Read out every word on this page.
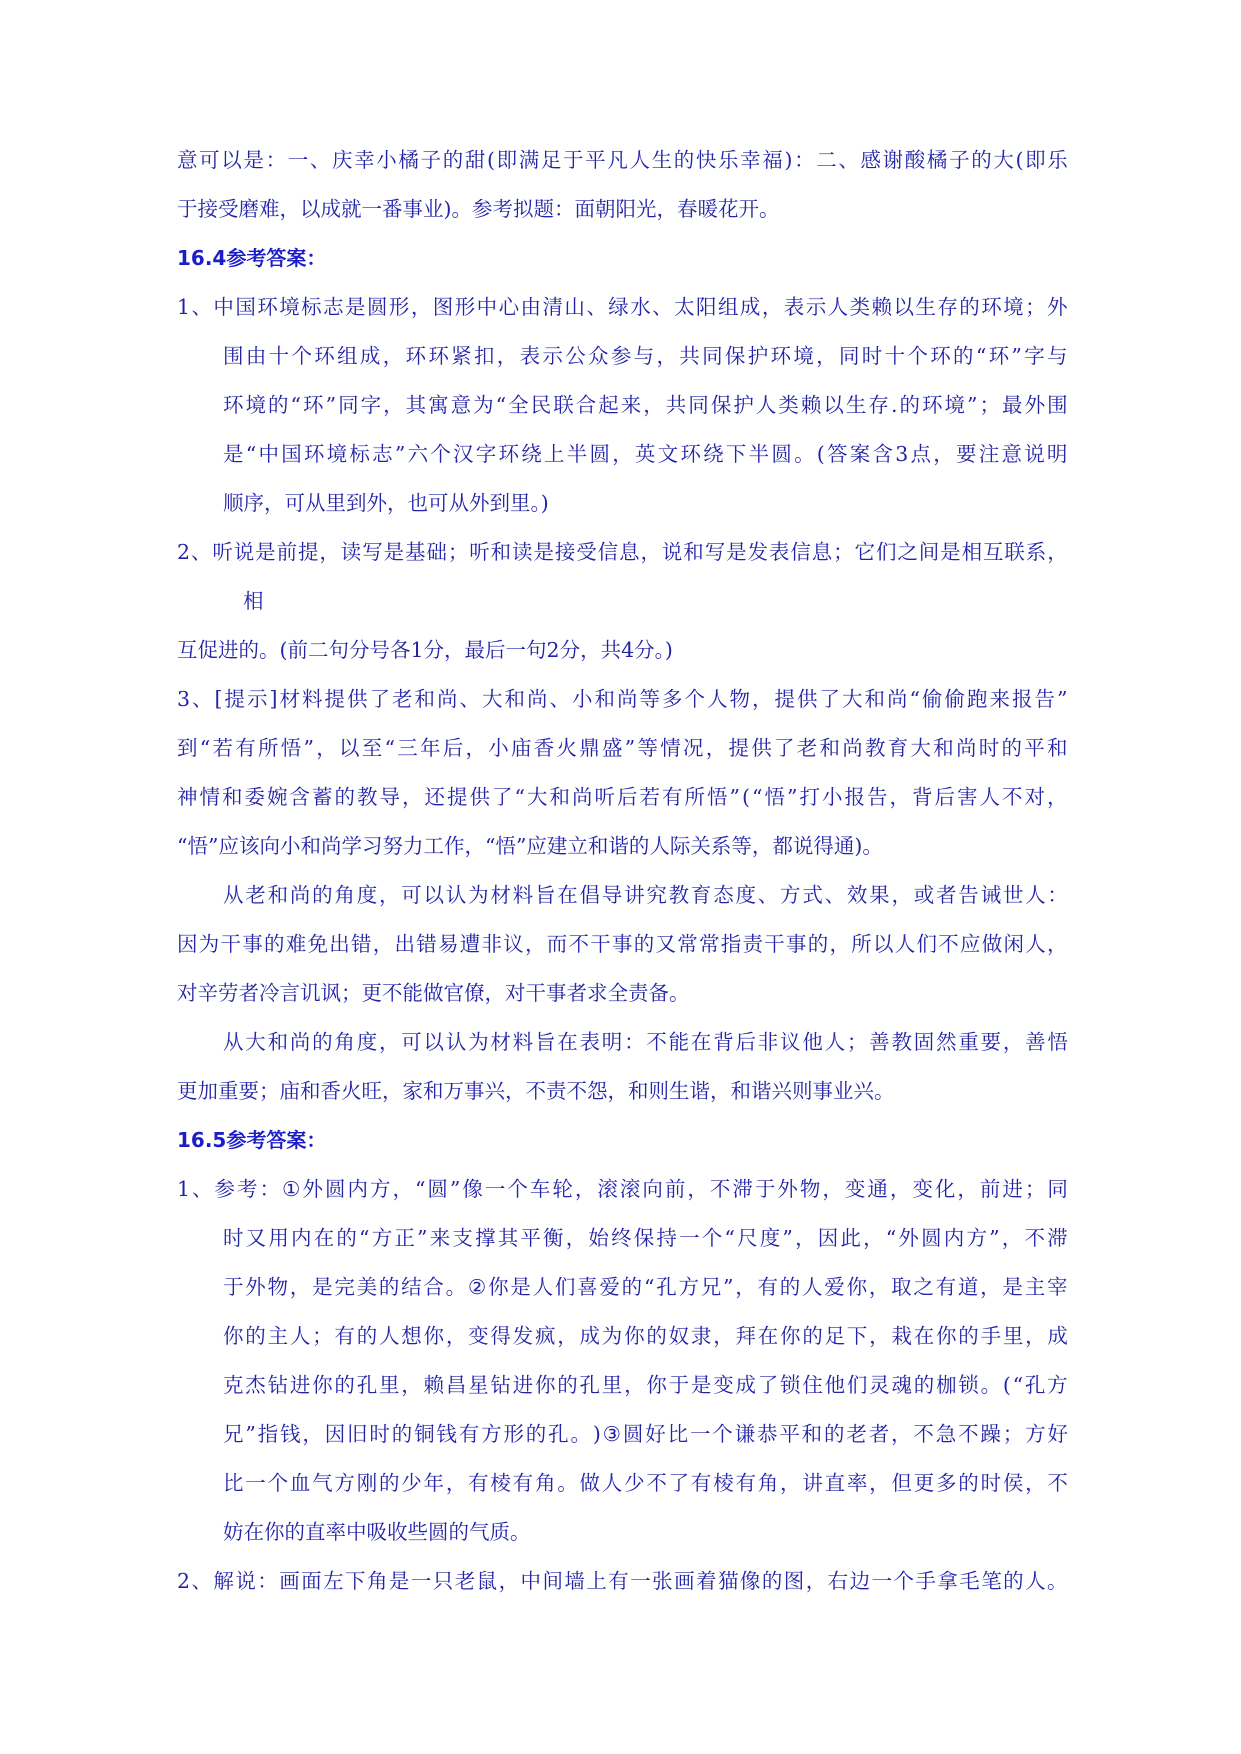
意 可 以 是 ： 一 、 庆 幸 小 橘 子 的 甜 ( 即 满 足 于 平 凡 人 生 的 快 乐 幸 福 ) ： 二 、 感 谢 酸 橘 子 的 大 ( 即 乐
于接受磨难，以成就一番事业)。参考拟题：面朝阳光，春暖花开。
16.4参考答案：
1 、 中 国 环 境 标 志 是 圆 形 ， 图 形 中 心 由 清 山 、 绿 水 、 太 阳 组 成 ， 表 示 人 类 赖 以 生 存 的 环 境 ； 外
围 由 十 个 环 组 成 ， 环 环 紧 扣 ， 表 示 公 众 参 与 ， 共 同 保 护 环 境 ， 同 时 十 个 环 的 “ 环 ” 字 与
环 境 的 “ 环 ” 同 字 ， 其 寓 意 为 “ 全 民 联 合 起 来 ， 共 同 保 护 人 类 赖 以 生 存 . 的 环 境 ” ； 最 外 围
是 “ 中 国 环 境 标 志 ” 六 个 汉 字 环 绕 上 半 圆 ， 英 文 环 绕 下 半 圆 。 ( 答 案 含 3 点 ， 要 注 意 说 明
顺序，可从里到外，也可从外到里。)
2 、 听 说 是 前 提 ， 读 写 是 基 础 ； 听 和 读 是 接 受 信 息 ， 说 和 写 是 发 表 信 息 ； 它 们 之 间 是 相 互 联 系 ，
相
互促进的。(前二句分号各1分，最后一句2分，共4分。)
3 、 [ 提 示 ] 材 料 提 供 了 老 和 尚 、 大 和 尚 、 小 和 尚 等 多 个 人 物 ， 提 供 了 大 和 尚 “ 偷 偷 跑 来 报 告 ”
到 “ 若 有 所 悟 ” ， 以 至 “ 三 年 后 ， 小 庙 香 火 鼎 盛 ” 等 情 况 ， 提 供 了 老 和 尚 教 育 大 和 尚 时 的 平 和
神 情 和 委 婉 含 蓄 的 教 导 ， 还 提 供 了 “ 大 和 尚 听 后 若 有 所 悟 ” ( “ 悟 ” 打 小 报 告 ， 背 后 害 人 不 对 ，
“悟”应该向小和尚学习努力工作，“悟”应建立和谐的人际关系等，都说得通)。
从 老 和 尚 的 角 度 ， 可 以 认 为 材 料 旨 在 倡 导 讲 究 教 育 态 度 、 方 式 、 效 果 ， 或 者 告 诫 世 人 ：
因 为 干 事 的 难 免 出 错 ， 出 错 易 遭 非 议 ， 而 不 干 事 的 又 常 常 指 责 干 事 的 ， 所 以 人 们 不 应 做 闲 人 ，
对辛劳者冷言讥讽；更不能做官僚，对干事者求全责备。
从 大 和 尚 的 角 度 ， 可 以 认 为 材 料 旨 在 表 明 ： 不 能 在 背 后 非 议 他 人 ； 善 教 固 然 重 要 ， 善 悟
更加重要；庙和香火旺，家和万事兴，不责不怨，和则生谐，和谐兴则事业兴。
16.5参考答案：
1 、 参 考 ： ① 外 圆 内 方 ， “ 圆 ” 像 一 个 车 轮 ， 滚 滚 向 前 ， 不 滞 于 外 物 ， 变 通 ， 变 化 ， 前 进 ； 同
时 又 用 内 在 的 “ 方 正 ” 来 支 撑 其 平 衡 ， 始 终 保 持 一 个 “ 尺 度 ” ， 因 此 ， “ 外 圆 内 方 ” ， 不 滞
于 外 物 ， 是 完 美 的 结 合 。 ② 你 是 人 们 喜 爱 的 “ 孔 方 兄 ” ， 有 的 人 爱 你 ， 取 之 有 道 ， 是 主 宰
你 的 主 人 ； 有 的 人 想 你 ， 变 得 发 疯 ， 成 为 你 的 奴 隶 ， 拜 在 你 的 足 下 ， 栽 在 你 的 手 里 ， 成
克 杰 钻 进 你 的 孔 里 ， 赖 昌 星 钻 进 你 的 孔 里 ， 你 于 是 变 成 了 锁 住 他 们 灵 魂 的 枷 锁 。 ( “ 孔 方
兄 ” 指 钱 ， 因 旧 时 的 铜 钱 有 方 形 的 孔 。 ) ③ 圆 好 比 一 个 谦 恭 平 和 的 老 者 ， 不 急 不 躁 ； 方 好
比 一 个 血 气 方 刚 的 少 年 ， 有 棱 有 角 。 做 人 少 不 了 有 棱 有 角 ， 讲 直 率 ， 但 更 多 的 时 侯 ， 不
妨在你的直率中吸收些圆的气质。
2 、 解 说 ： 画 面 左 下 角 是 一 只 老 鼠 ， 中 间 墙 上 有 一 张 画 着 猫 像 的 图 ， 右 边 一 个 手 拿 毛 笔 的 人 。
